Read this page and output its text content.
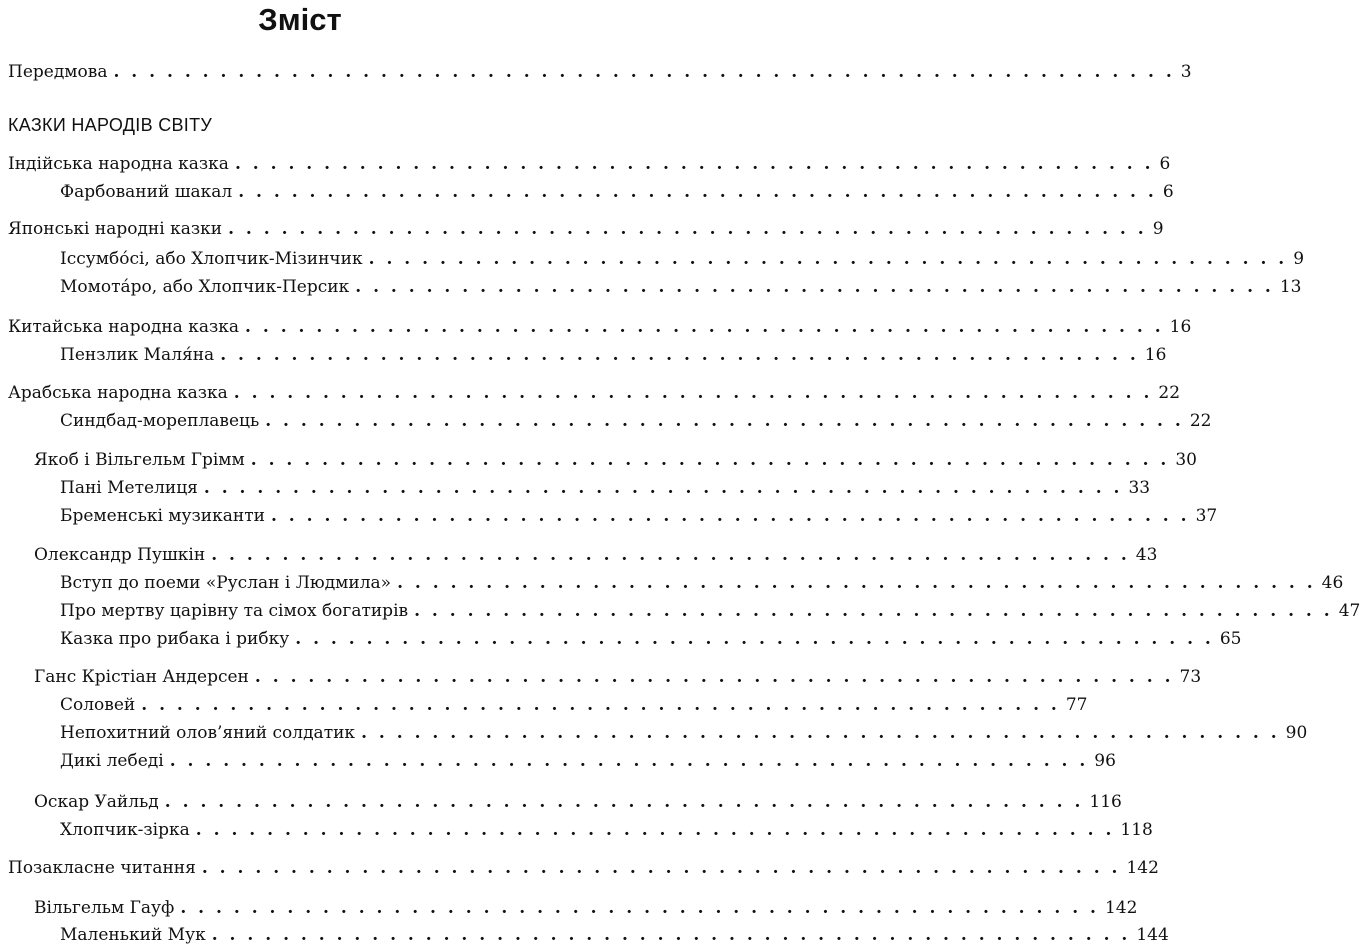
Зміст
Передмова . . . . . . . . . . . . . . . . . . . . . . . . . . . . . . . . . . . . . . . . . . . . . . . . . . . . . . . . . . . . 3
КАЗКИ НАРОДІВ СВІТУ
Індійська народна казка . . . . . . . . . . . . . . . . . . . . . . . . . . . . . . . . . . . . . . . . . . . . . . . . . . . . 6
Фарбований шакал . . . . . . . . . . . . . . . . . . . . . . . . . . . . . . . . . . . . . . . . . . . . . . . . . . . . 6
Японські народні казки . . . . . . . . . . . . . . . . . . . . . . . . . . . . . . . . . . . . . . . . . . . . . . . . . . . . 9
Іссумбо́сі, або Хлопчик-Мізинчик . . . . . . . . . . . . . . . . . . . . . . . . . . . . . . . . . . . . . . . . . . . . . . . . . . . . 9
Момота́ро, або Хлопчик-Персик . . . . . . . . . . . . . . . . . . . . . . . . . . . . . . . . . . . . . . . . . . . . . . . . . . . . 13
Китайська народна казка . . . . . . . . . . . . . . . . . . . . . . . . . . . . . . . . . . . . . . . . . . . . . . . . . . . . 16
Пензлик Маля́на . . . . . . . . . . . . . . . . . . . . . . . . . . . . . . . . . . . . . . . . . . . . . . . . . . . . 16
Арабська народна казка . . . . . . . . . . . . . . . . . . . . . . . . . . . . . . . . . . . . . . . . . . . . . . . . . . . . 22
Синдбад-мореплавець . . . . . . . . . . . . . . . . . . . . . . . . . . . . . . . . . . . . . . . . . . . . . . . . . . . . 22
Якоб і Вільгельм Грімм . . . . . . . . . . . . . . . . . . . . . . . . . . . . . . . . . . . . . . . . . . . . . . . . . . . . 30
Пані Метелиця . . . . . . . . . . . . . . . . . . . . . . . . . . . . . . . . . . . . . . . . . . . . . . . . . . . . 33
Бременські музиканти . . . . . . . . . . . . . . . . . . . . . . . . . . . . . . . . . . . . . . . . . . . . . . . . . . . . 37
Олександр Пушкін . . . . . . . . . . . . . . . . . . . . . . . . . . . . . . . . . . . . . . . . . . . . . . . . . . . . 43
Вступ до поеми «Руслан і Людмила» . . . . . . . . . . . . . . . . . . . . . . . . . . . . . . . . . . . . . . . . . . . . . . . . . . . . 46
Про мертву царівну та сімох богатирів . . . . . . . . . . . . . . . . . . . . . . . . . . . . . . . . . . . . . . . . . . . . . . . . . . . . 47
Казка про рибака і рибку . . . . . . . . . . . . . . . . . . . . . . . . . . . . . . . . . . . . . . . . . . . . . . . . . . . . 65
Ганс Крістіан Андерсен . . . . . . . . . . . . . . . . . . . . . . . . . . . . . . . . . . . . . . . . . . . . . . . . . . . . 73
Соловей . . . . . . . . . . . . . . . . . . . . . . . . . . . . . . . . . . . . . . . . . . . . . . . . . . . . 77
Непохитний олов’яний солдатик . . . . . . . . . . . . . . . . . . . . . . . . . . . . . . . . . . . . . . . . . . . . . . . . . . . . 90
Дикі лебеді . . . . . . . . . . . . . . . . . . . . . . . . . . . . . . . . . . . . . . . . . . . . . . . . . . . . 96
Оскар Уайльд . . . . . . . . . . . . . . . . . . . . . . . . . . . . . . . . . . . . . . . . . . . . . . . . . . . . 116
Хлопчик-зірка . . . . . . . . . . . . . . . . . . . . . . . . . . . . . . . . . . . . . . . . . . . . . . . . . . . . 118
Позакласне читання . . . . . . . . . . . . . . . . . . . . . . . . . . . . . . . . . . . . . . . . . . . . . . . . . . . . 142
Вільгельм Гауф . . . . . . . . . . . . . . . . . . . . . . . . . . . . . . . . . . . . . . . . . . . . . . . . . . . . 142
Маленький Мук . . . . . . . . . . . . . . . . . . . . . . . . . . . . . . . . . . . . . . . . . . . . . . . . . . . . 144
